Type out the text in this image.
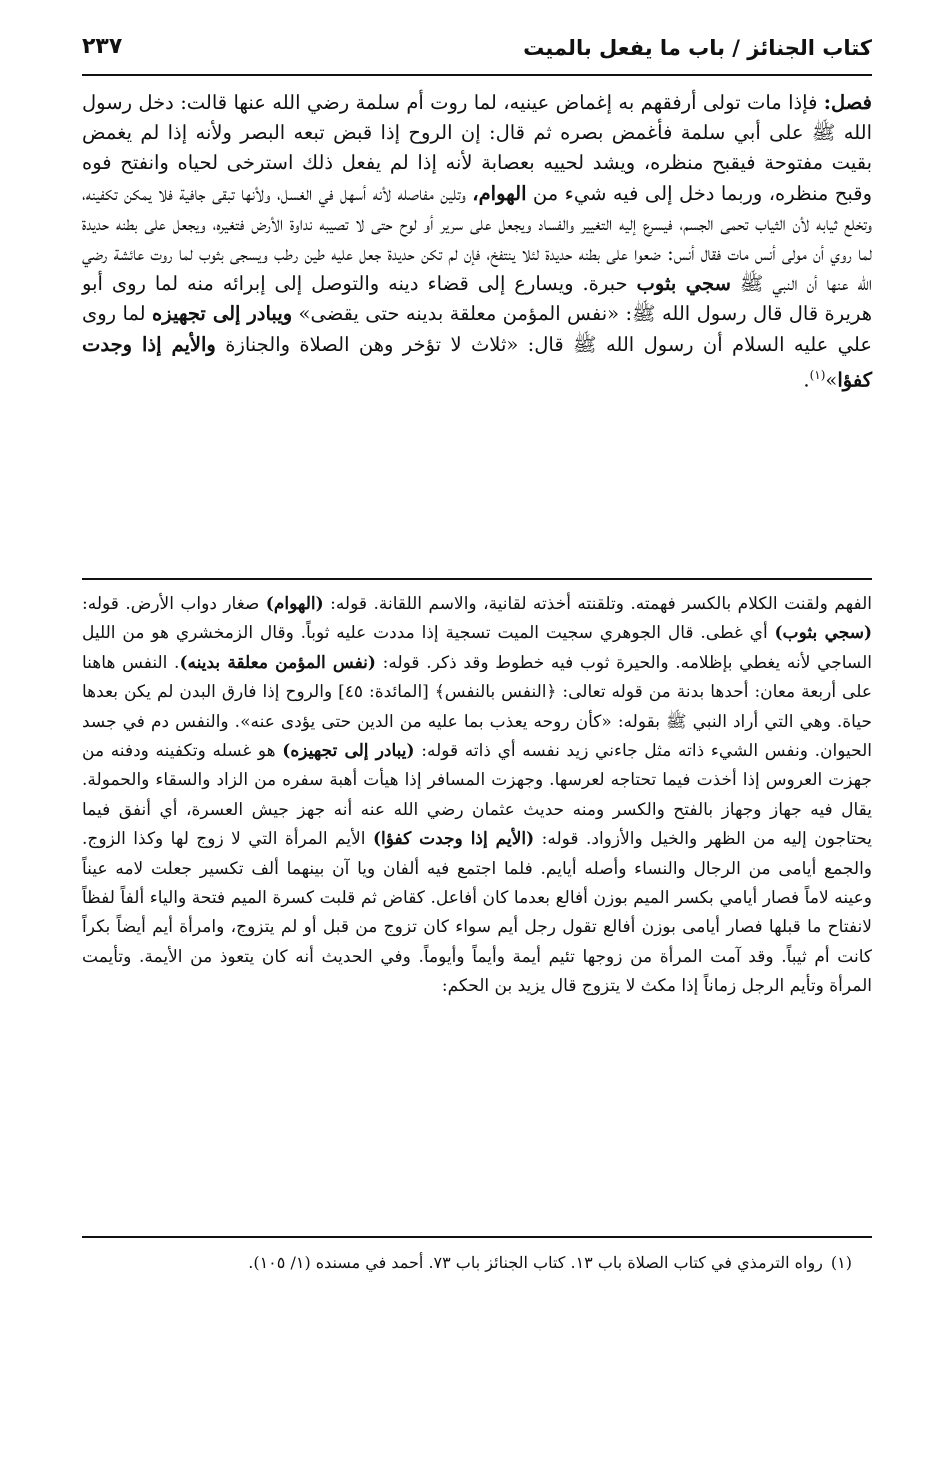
٢٣٧	كتاب الجنائز / باب ما يفعل بالميت
فصل: فإذا مات تولى أرفقهم به إغماض عينيه، لما روت أم سلمة رضي الله عنها قالت: دخل رسول الله ﷺ على أبي سلمة فأغمض بصره ثم قال: إن الروح إذا قبض تبعه البصر ولأنه إذا لم يغمض بقيت مفتوحة فيقبح منظره، ويشد لحييه بعصابة لأنه إذا لم يفعل ذلك استرخى لحياه وانفتح فوه وقبح منظره، وربما دخل إلى فيه شيء من الهوام، وتلين مفاصله لأنه أسهل في الغسل، ولأنها تبقى جافية فلا يمكن تكفينه، وتخلع ثيابه لأن الثياب تحمى الجسم، فيسرع إليه التغيير والفساد ويجعل على سرير أو لوح حتى لا تصيبه نداوة الأرض فتغيره، ويجعل على بطنه حديدة لما روي أن مولى أنس مات فقال أنس: ضعوا على بطنه حديدة لئلا ينتفخ، فإن لم تكن حديدة جعل عليه طين رطب ويسجى بثوب لما روت عائشة رضي الله عنها أن النبي ﷺ سجي بثوب حبرة. ويسارع إلى قضاء دينه والتوصل إلى إبرائه منه لما روى أبو هريرة قال قال رسول الله ﷺ: «نفس المؤمن معلقة بدينه حتى يقضى» ويبادر إلى تجهيزه لما روى علي عليه السلام أن رسول الله ﷺ قال: «ثلاث لا تؤخر وهن الصلاة والجنازة والأيم إذا وجدت كفؤا»$^{(١)}$.
الفهم ولقنت الكلام بالكسر فهمته. وتلقنته أخذته لقانية، والاسم اللقانة. قوله: (الهوام) صغار دواب الأرض. قوله: (سجي بثوب) أي غطى. قال الجوهري سجيت الميت تسجية إذا مددت عليه ثوباً. وقال الزمخشري هو من الليل الساجي لأنه يغطي بإظلامه. والحيرة ثوب فيه خطوط وقد ذكر. قوله: (نفس المؤمن معلقة بدينه). النفس هاهنا على أربعة معان: أحدها بدنة من قوله تعالى: ﴿النفس بالنفس﴾ [المائدة: ٤٥] والروح إذا فارق البدن لم يكن بعدها حياة. وهي التي أراد النبي ﷺ بقوله: «كأن روحه يعذب بما عليه من الدين حتى يؤدى عنه». والنفس دم في جسد الحيوان. ونفس الشيء ذاته مثل جاءني زيد نفسه أي ذاته قوله: (يبادر إلى تجهيزه) هو غسله وتكفينه ودفنه من جهزت العروس إذا أخذت فيما تحتاجه لعرسها. وجهزت المسافر إذا هيأت أهبة سفره من الزاد والسقاء والحمولة. يقال فيه جهاز وجهاز بالفتح والكسر ومنه حديث عثمان رضي الله عنه أنه جهز جيش العسرة، أي أنفق فيما يحتاجون إليه من الظهر والخيل والأزواد. قوله: (الأيم إذا وجدت كفؤا) الأيم المرأة التي لا زوج لها وكذا الزوج. والجمع أيامى من الرجال والنساء وأصله أيايم. فلما اجتمع فيه ألفان ويا آن بينهما ألف تكسير جعلت لامه عيناً وعينه لاماً فصار أيامي بكسر الميم بوزن أفالع بعدما كان أفاعل. كقاض ثم قلبت كسرة الميم فتحة والياء ألفاً لفظاً لانفتاح ما قبلها فصار أيامى بوزن أفالع تقول رجل أيم سواء كان تزوج من قبل أو لم يتزوج، وامرأة أيم أيضاً بكراً كانت أم ثيباً. وقد آمت المرأة من زوجها تئيم أيمة وأيماً وأيوماً. وفي الحديث أنه كان يتعوذ من الأيمة. وتأيمت المرأة وتأيم الرجل زماناً إذا مكث لا يتزوج قال يزيد بن الحكم:
(١)رواه الترمذي في كتاب الصلاة باب ١٣. كتاب الجنائز باب ٧٣. أحمد في مسنده (١/ ١٠٥).
